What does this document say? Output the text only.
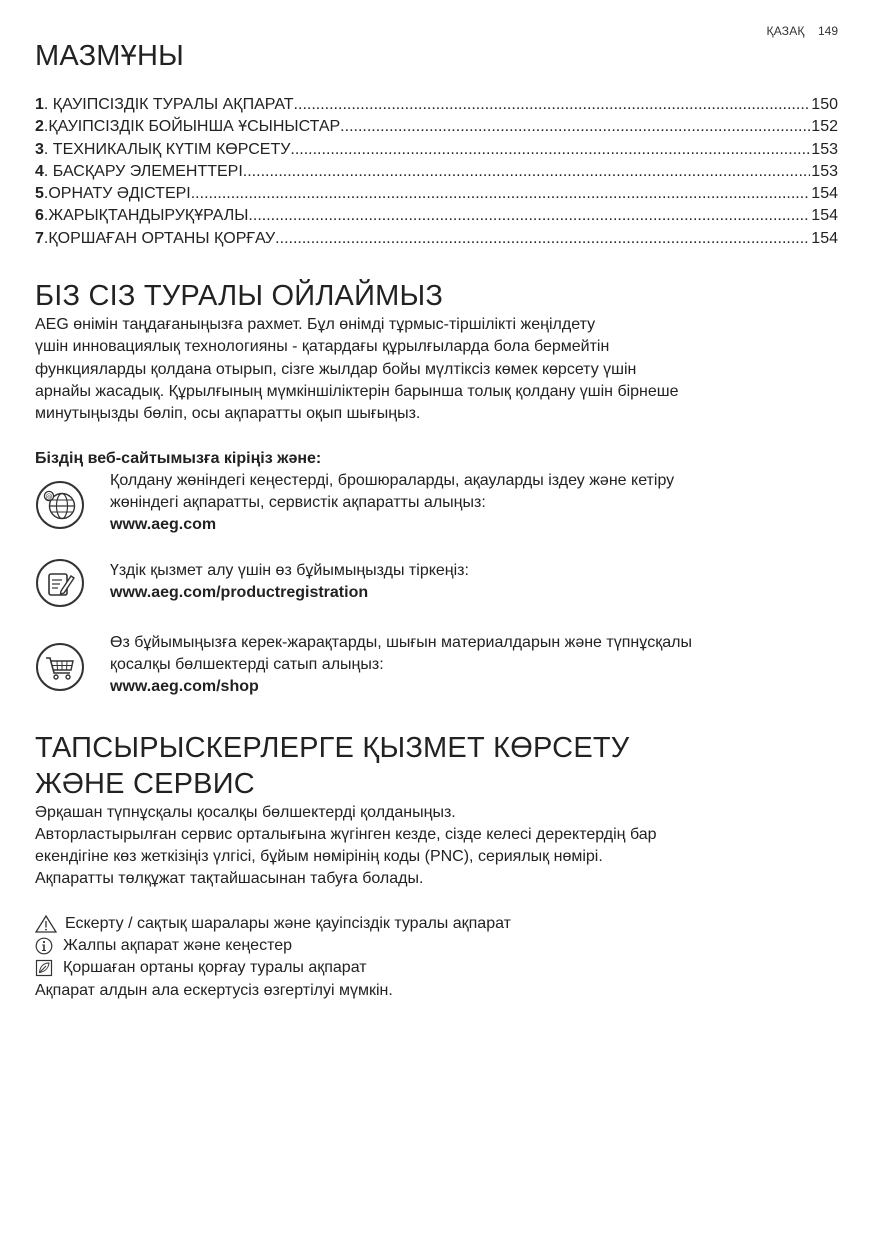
ҚАЗАҚ 149
МАЗМҰНЫ
1 . ҚАУІПСІЗДІК ТУРАЛЫ АҚПАРАТ .....	150
2 .ҚАУІПСІЗДІК БОЙЫНША ҰСЫНЫСТАР .....	152
3 . ТЕХНИКАЛЫҚ КҮТІМ КӨРСЕТУ .....	153
4 . БАСҚАРУ ЭЛЕМЕНТТЕРІ .....	153
5 .ОРНАТУ ӘДІСТЕРІ .....	154
6 .ЖАРЫҚТАНДЫРУҚҰРАЛЫ .....	154
7 .ҚОРШАҒАН ОРТАНЫ ҚОРҒАУ .....	154
БІЗ СІЗ ТУРАЛЫ ОЙЛАЙМЫЗ

AEG өнімін таңдағаныңызға рахмет. Бұл өнімді тұрмыс-тіршілікті жеңілдету

үшін инновациялық технологияны - қатардағы құрылғыларда бола бермейтін

функцияларды қолдана отырып, сізге жылдар бойы мүлтіксіз көмек көрсету үшін

арнайы жасадық. Құрылғының мүмкіншіліктерін барынша толық қолдану үшін бірнеше

минутыңызды бөліп, осы ақпаратты оқып шығыңыз.

Біздің веб-сайтымызға кіріңіз және:
@
Қолдану жөніндегі кеңестерді, брошюраларды, ақауларды іздеу және кетіру
жөніндегі ақпаратты, сервистік ақпаратты алыңыз:
www.aeg.com
Үздік қызмет алу үшін өз бұйымыңызды тіркеңіз:
www.aeg.com/productregistration
Өз бұйымыңызға керек-жарақтарды, шығын материалдарын және түпнұсқалы
қосалқы бөлшектерді сатып алыңыз:
www.aeg.com/shop
ТАПСЫРЫСКЕРЛЕРГЕ ҚЫЗМЕТ КӨРСЕТУ
ЖӘНЕ СЕРВИС

Әрқашан түпнұсқалы қосалқы бөлшектерді қолданыңыз.

Авторластырылған сервис орталығына жүгінген кезде, сізде келесі деректердің бар

екендігіне көз жеткізіңіз үлгісі, бұйым нөмірінің коды (PNC), сериялық нөмірі.

Ақпаратты төлқұжат тақтайшасынан табуға болады.

Ескерту / сақтық шаралары және қауіпсіздік туралы ақпарат
Жалпы ақпарат және кеңестер
Қоршаған ортаны қорғау туралы ақпарат

Ақпарат алдын ала ескертусіз өзгертілуі мүмкін.
